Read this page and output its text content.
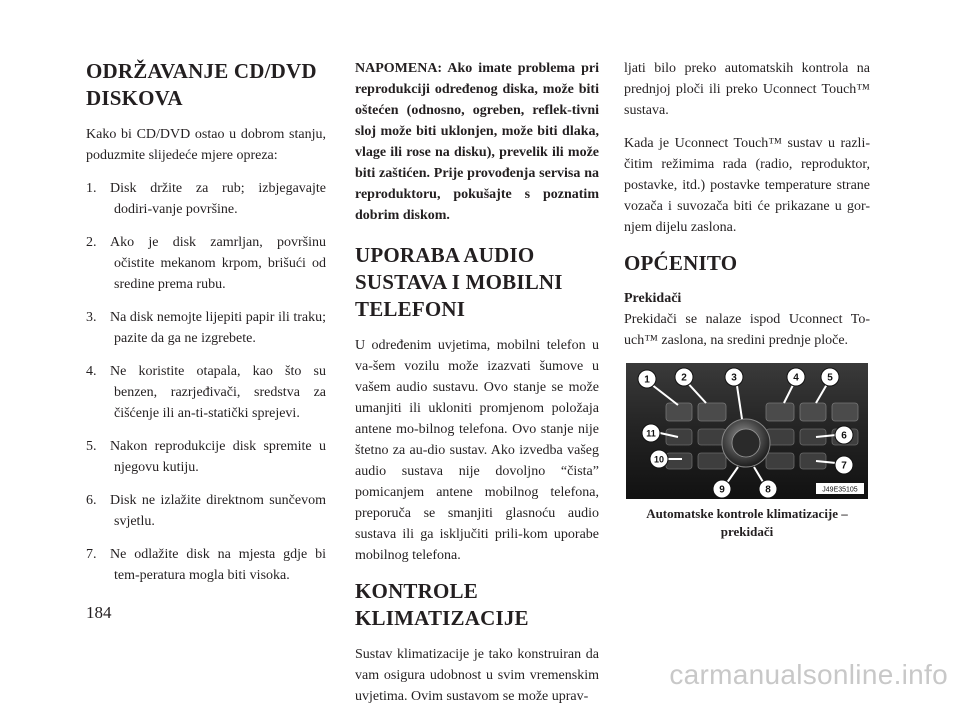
ODRŽAVANJE CD/DVD DISKOVA

Kako bi CD/DVD ostao u dobrom stanju, poduzmite slijedeće mjere opreza:

1. Disk držite za rub; izbjegavajte dodiri-vanje površine.
2. Ako je disk zamrljan, površinu očistite mekanom krpom, brišući od sredine prema rubu.
3. Na disk nemojte lijepiti papir ili traku; pazite da ga ne izgrebete.
4. Ne koristite otapala, kao što su benzen, razrjeđivači, sredstva za čišćenje ili an-ti-statički sprejevi.
5. Nakon reprodukcije disk spremite u njegovu kutiju.
6. Disk ne izlažite direktnom sunčevom svjetlu.
7. Ne odlažite disk na mjesta gdje bi tem-peratura mogla biti visoka.

NAPOMENA: Ako imate problema pri reprodukciji određenog diska, može biti oštećen (odnosno, ogreben, reflek-tivni sloj može biti uklonjen, može biti dlaka, vlage ili rose na disku), prevelik ili može biti zaštićen. Prije provođenja servisa na reproduktoru, pokušajte s poznatim dobrim diskom.

UPORABA AUDIO SUSTAVA I MOBILNI TELEFONI

U određenim uvjetima, mobilni telefon u va-šem vozilu može izazvati šumove u vašem audio sustavu. Ovo stanje se može umanjiti ili ukloniti promjenom položaja antene mo-bilnog telefona. Ovo stanje nije štetno za au-dio sustav. Ako izvedba vašeg audio sustava nije dovoljno “čista” pomicanjem antene mobilnog telefona, preporuča se smanjiti glasnoću audio sustava ili ga isključiti prili-kom uporabe mobilnog telefona.

KONTROLE KLIMATIZACIJE

Sustav klimatizacije je tako konstruiran da vam osigura udobnost u svim vremenskim uvjetima. Ovim sustavom se može uprav-

ljati bilo preko automatskih kontrola na prednjoj ploči ili preko Uconnect Touch™ sustava.

Kada je Uconnect Touch™ sustav u razli-čitim režimima rada (radio, reproduktor, postavke, itd.) postavke temperature strane vozača i suvozača biti će prikazane u gor-njem dijelu zaslona.

OPĆENITO

Prekidači

Prekidači se nalaze ispod Uconnect To-uch™ zaslona, na sredini prednje ploče.

1	2	3	4	5
6
7
8
9
10
11
J49E35105

Automatske kontrole klimatizacije – prekidači

184
carmanualsonline.info
